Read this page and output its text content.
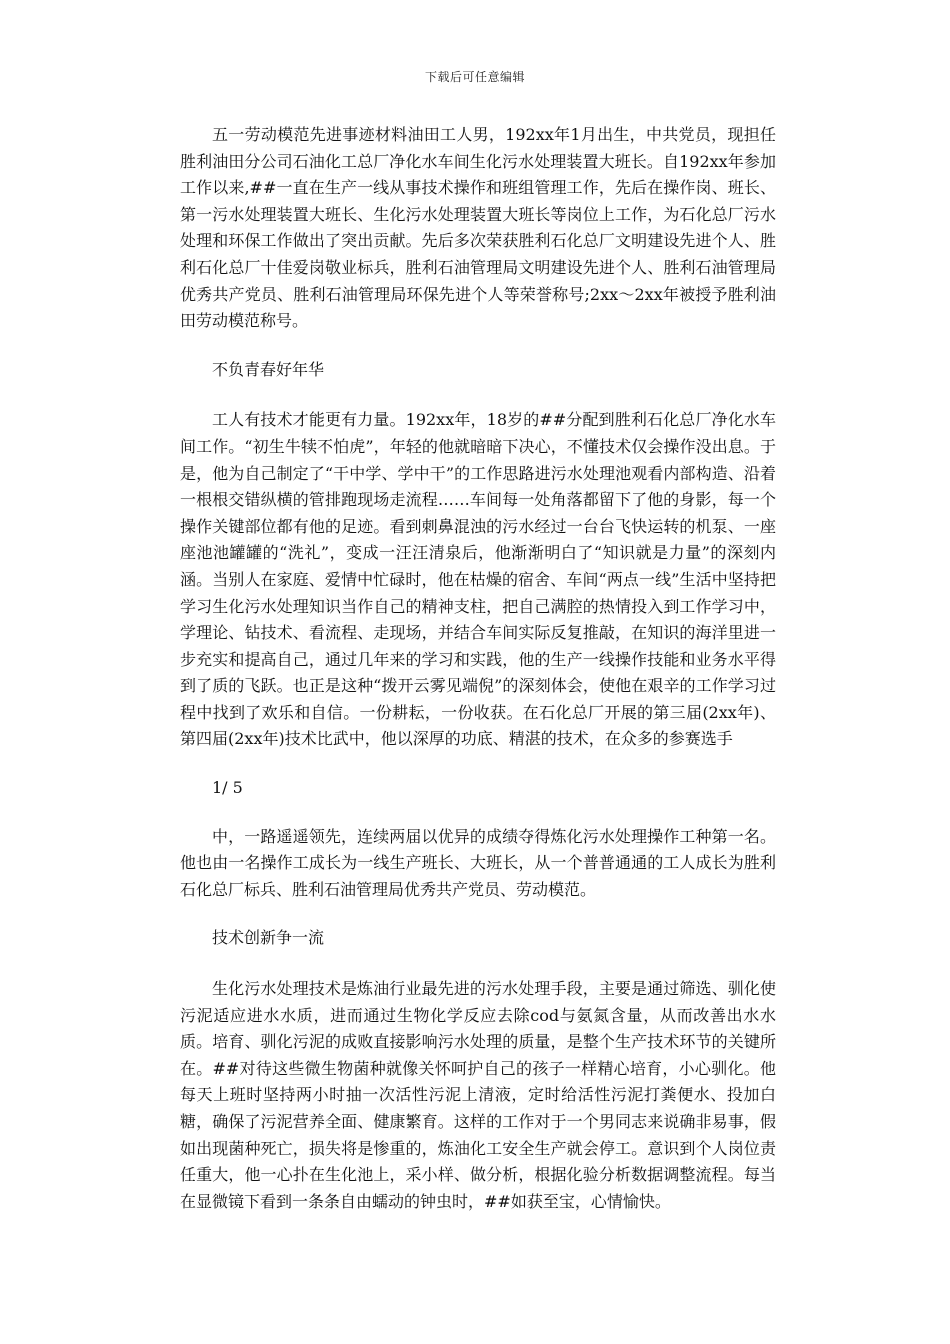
下载后可任意编辑

五一劳动模范先进事迹材料油田工人男，192xx年1月出生，中共党员，现担任胜利油田分公司石油化工总厂净化水车间生化污水处理装置大班长。自192xx年参加工作以来,##一直在生产一线从事技术操作和班组管理工作，先后在操作岗、班长、第一污水处理装置大班长、生化污水处理装置大班长等岗位上工作，为石化总厂污水处理和环保工作做出了突出贡献。先后多次荣获胜利石化总厂文明建设先进个人、胜利石化总厂十佳爱岗敬业标兵，胜利石油管理局文明建设先进个人、胜利石油管理局优秀共产党员、胜利石油管理局环保先进个人等荣誉称号;2xx～2xx年被授予胜利油田劳动模范称号。

不负青春好年华

工人有技术才能更有力量。192xx年，18岁的##分配到胜利石化总厂净化水车间工作。“初生牛犊不怕虎”，年轻的他就暗暗下决心，不懂技术仅会操作没出息。于是，他为自己制定了“干中学、学中干”的工作思路进污水处理池观看内部构造、沿着一根根交错纵横的管排跑现场走流程……车间每一处角落都留下了他的身影，每一个操作关键部位都有他的足迹。看到刺鼻混浊的污水经过一台台飞快运转的机泵、一座座池池罐罐的“洗礼”，变成一汪汪清泉后，他渐渐明白了“知识就是力量”的深刻内涵。当别人在家庭、爱情中忙碌时，他在枯燥的宿舍、车间“两点一线”生活中坚持把学习生化污水处理知识当作自己的精神支柱，把自己满腔的热情投入到工作学习中，学理论、钻技术、看流程、走现场，并结合车间实际反复推敲，在知识的海洋里进一步充实和提高自己，通过几年来的学习和实践，他的生产一线操作技能和业务水平得到了质的飞跃。也正是这种“拨开云雾见端倪”的深刻体会，使他在艰辛的工作学习过程中找到了欢乐和自信。一份耕耘，一份收获。在石化总厂开展的第三届(2xx年)、第四届(2xx年)技术比武中，他以深厚的功底、精湛的技术，在众多的参赛选手

1/ 5

中，一路遥遥领先，连续两届以优异的成绩夺得炼化污水处理操作工种第一名。他也由一名操作工成长为一线生产班长、大班长，从一个普普通通的工人成长为胜利石化总厂标兵、胜利石油管理局优秀共产党员、劳动模范。

技术创新争一流

生化污水处理技术是炼油行业最先进的污水处理手段，主要是通过筛选、驯化使污泥适应进水水质，进而通过生物化学反应去除cod与氨氮含量，从而改善出水水质。培育、驯化污泥的成败直接影响污水处理的质量，是整个生产技术环节的关键所在。##对待这些微生物菌种就像关怀呵护自己的孩子一样精心培育，小心驯化。他每天上班时坚持两小时抽一次活性污泥上清液，定时给活性污泥打粪便水、投加白糖，确保了污泥营养全面、健康繁育。这样的工作对于一个男同志来说确非易事，假如出现菌种死亡，损失将是惨重的，炼油化工安全生产就会停工。意识到个人岗位责任重大，他一心扑在生化池上，采小样、做分析，根据化验分析数据调整流程。每当在显微镜下看到一条条自由蠕动的钟虫时，##如获至宝，心情愉快。
